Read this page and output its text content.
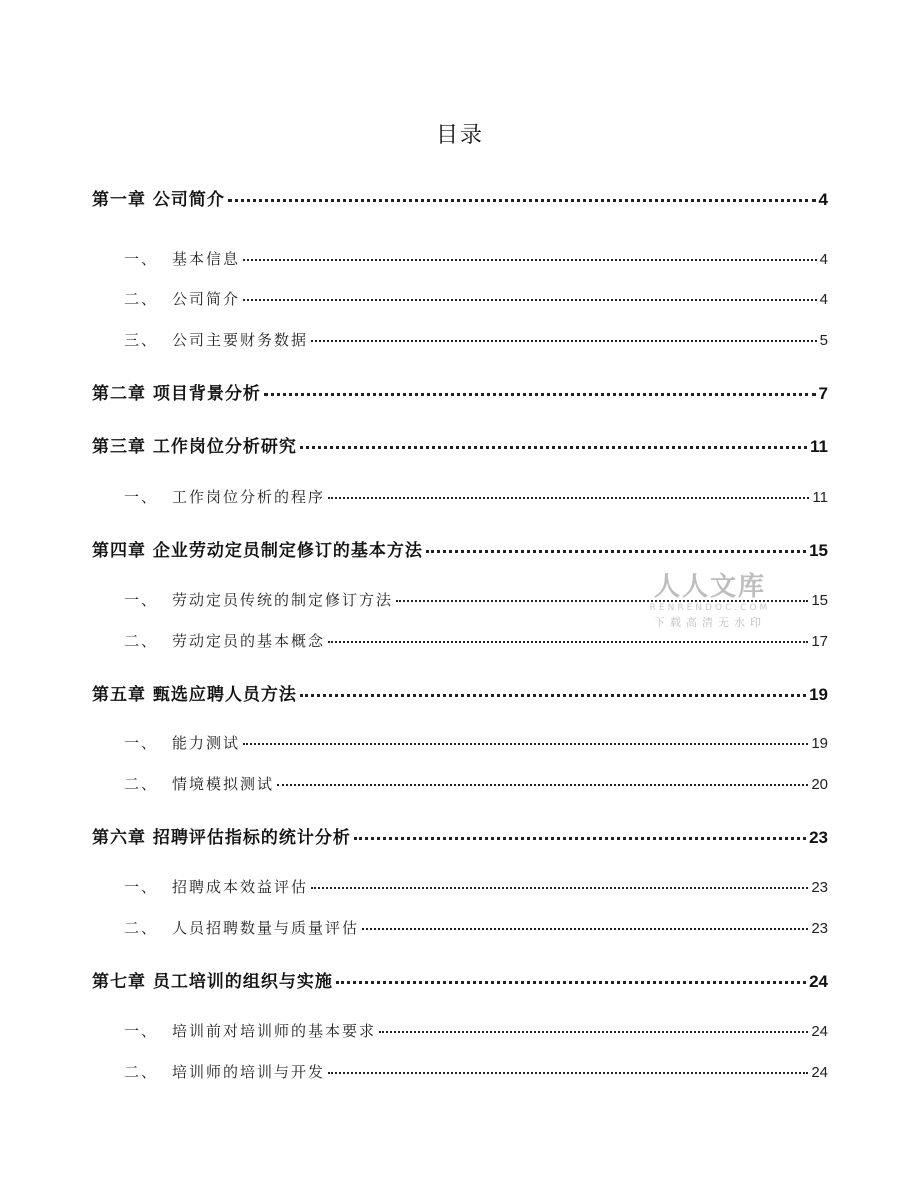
目录
第一章 公司简介	4
一、 基本信息	4
二、 公司简介	4
三、 公司主要财务数据	5
第二章 项目背景分析	7
第三章 工作岗位分析研究	11
一、 工作岗位分析的程序	11
第四章 企业劳动定员制定修订的基本方法	15
一、 劳动定员传统的制定修订方法	15
二、 劳动定员的基本概念	17
第五章 甄选应聘人员方法	19
一、 能力测试	19
二、 情境模拟测试	20
第六章 招聘评估指标的统计分析	23
一、 招聘成本效益评估	23
二、 人员招聘数量与质量评估	23
第七章 员工培训的组织与实施	24
一、 培训前对培训师的基本要求	24
二、 培训师的培训与开发	24
人人文库
RENRENDOC.COM
下载高清无水印
